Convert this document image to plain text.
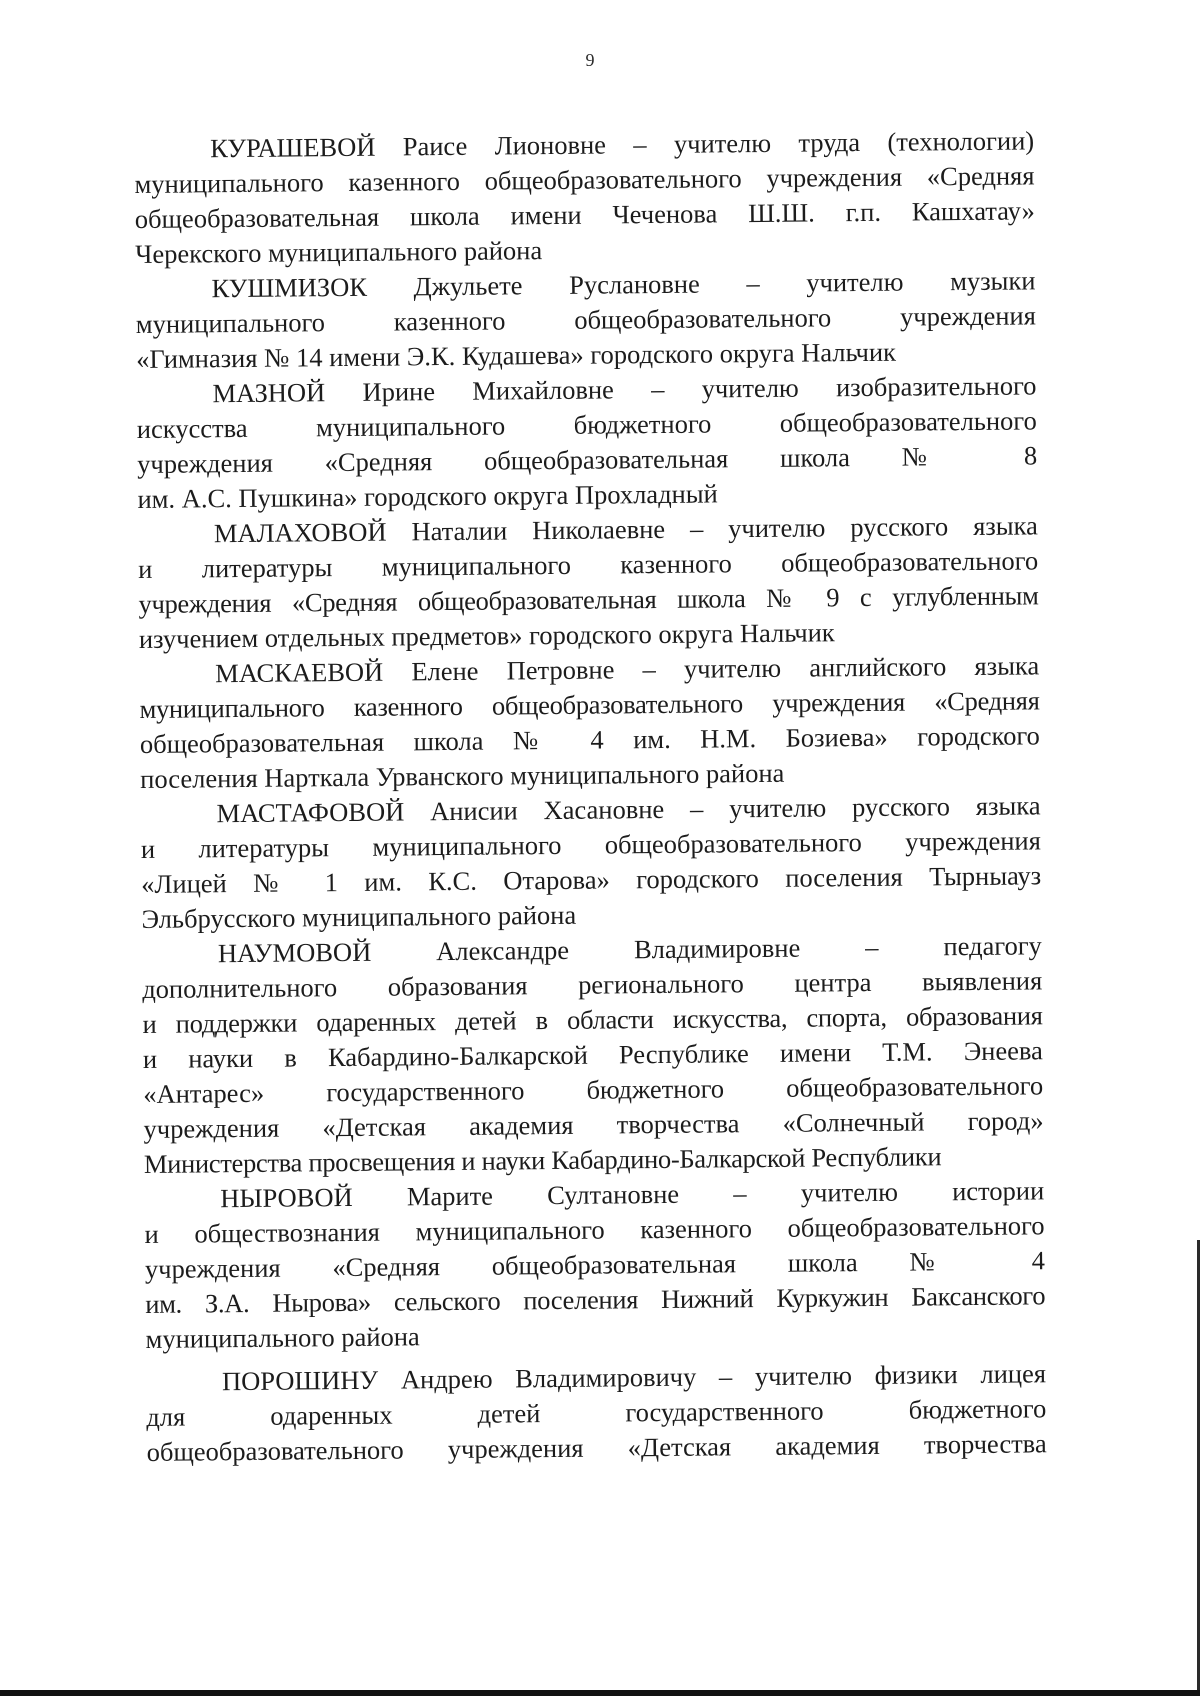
9

КУРАШЕВОЙ Раисе Лионовне – учителю труда (технологии)
муниципального казенного общеобразовательного учреждения «Средняя
общеобразовательная школа имени Чеченова Ш.Ш. г.п. Кашхатау»
Черекского муниципального района

КУШМИЗОК Джульете Руслановне – учителю музыки
муниципального казенного общеобразовательного учреждения
«Гимназия № 14 имени Э.К. Кудашева» городского округа Нальчик

МАЗНОЙ Ирине Михайловне – учителю изобразительного
искусства муниципального бюджетного общеобразовательного
учреждения «Средняя общеобразовательная школа № 8
им. А.С. Пушкина» городского округа Прохладный

МАЛАХОВОЙ Наталии Николаевне – учителю русского языка
и литературы муниципального казенного общеобразовательного
учреждения «Средняя общеобразовательная школа № 9 с углубленным
изучением отдельных предметов» городского округа Нальчик

МАСКАЕВОЙ Елене Петровне – учителю английского языка
муниципального казенного общеобразовательного учреждения «Средняя
общеобразовательная школа № 4 им. Н.М. Бозиева» городского
поселения Нарткала Урванского муниципального района

МАСТАФОВОЙ Анисии Хасановне – учителю русского языка
и литературы муниципального общеобразовательного учреждения
«Лицей № 1 им. К.С. Отарова» городского поселения Тырныауз
Эльбрусского муниципального района

НАУМОВОЙ Александре Владимировне – педагогу
дополнительного образования регионального центра выявления
и поддержки одаренных детей в области искусства, спорта, образования
и науки в Кабардино-Балкарской Республике имени Т.М. Энеева
«Антарес» государственного бюджетного общеобразовательного
учреждения «Детская академия творчества «Солнечный город»
Министерства просвещения и науки Кабардино-Балкарской Республики

НЫРОВОЙ Марите Султановне – учителю истории
и обществознания муниципального казенного общеобразовательного
учреждения «Средняя общеобразовательная школа № 4
им. З.А. Нырова» сельского поселения Нижний Куркужин Баксанского
муниципального района

ПОРОШИНУ Андрею Владимировичу – учителю физики лицея
для одаренных детей государственного бюджетного
общеобразовательного учреждения «Детская академия творчества
